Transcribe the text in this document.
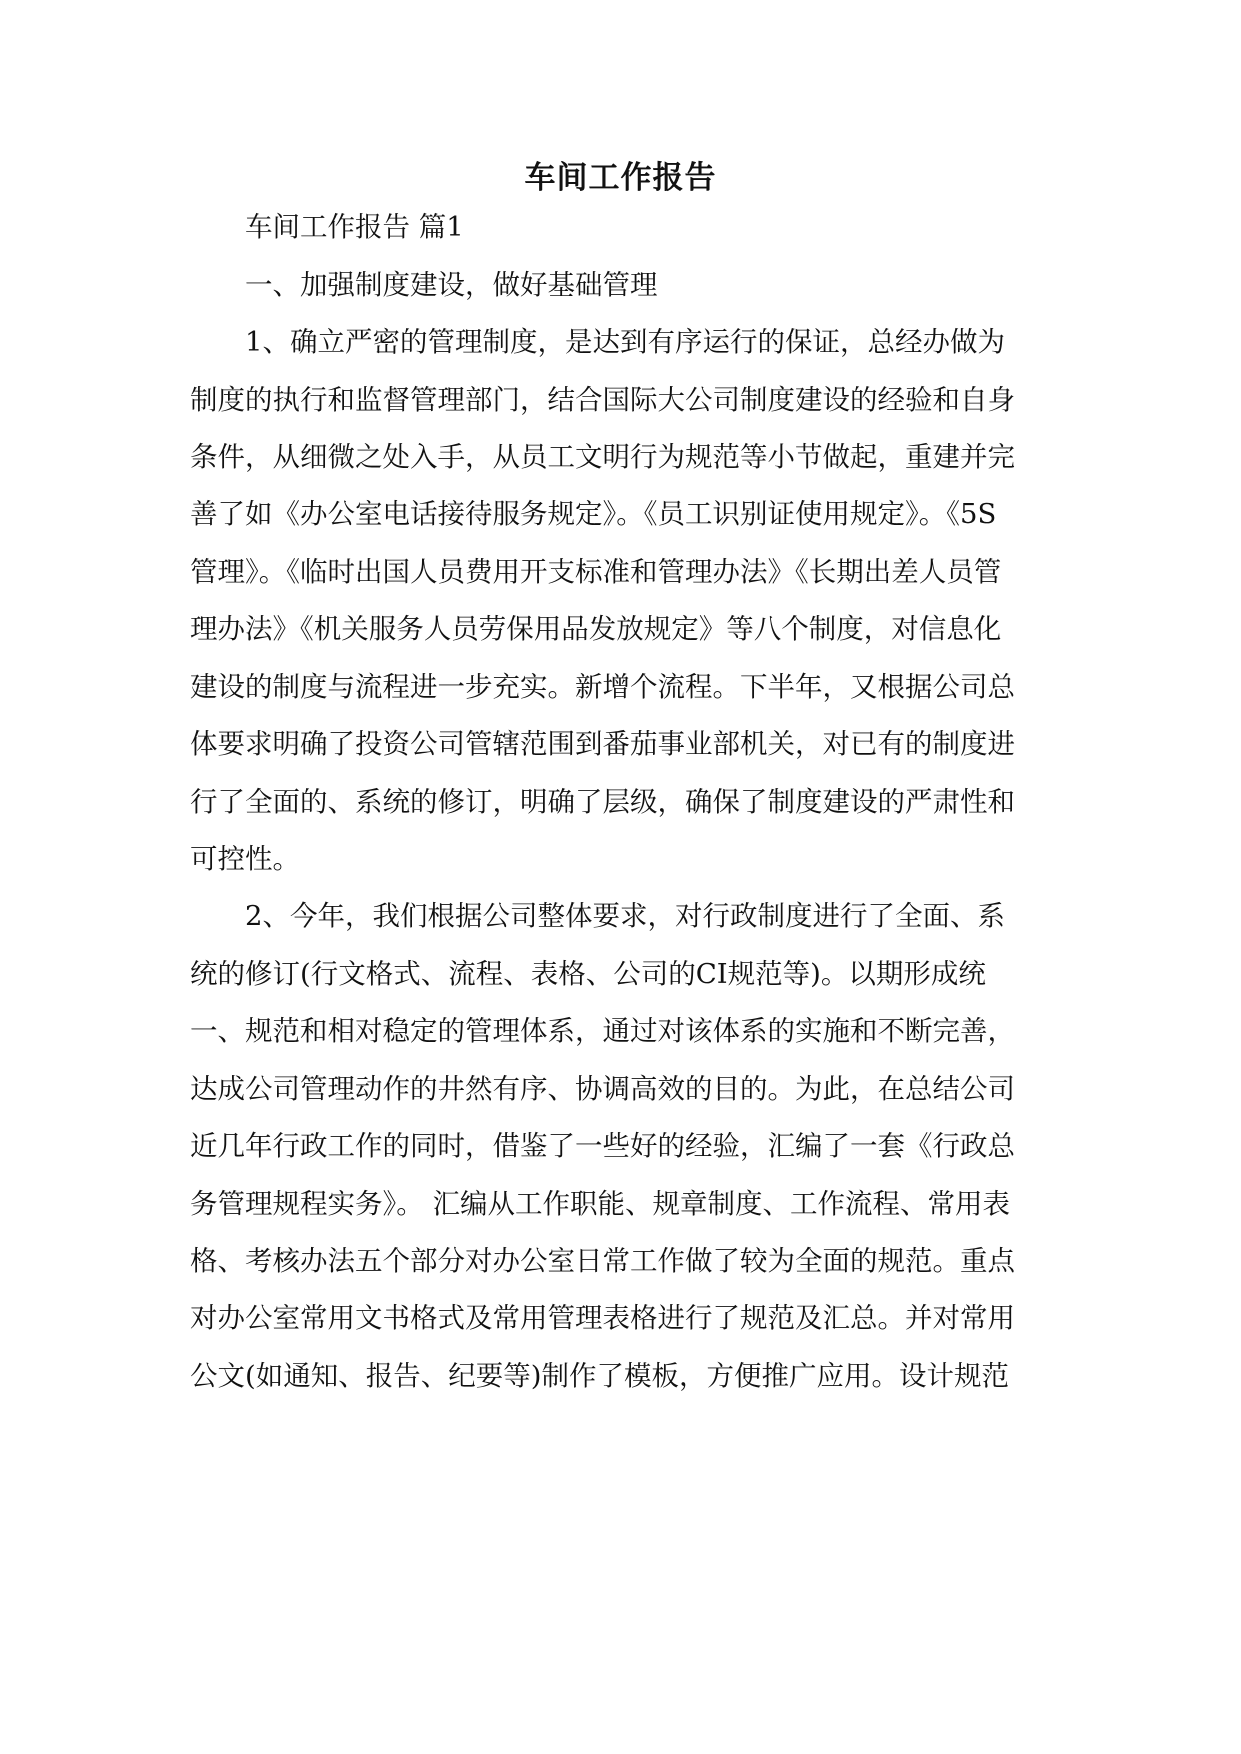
车间工作报告
车间工作报告 篇1
一、加强制度建设，做好基础管理
1、确立严密的管理制度，是达到有序运行的保证，总经办做为
制度的执行和监督管理部门，结合国际大公司制度建设的经验和自身
条件，从细微之处入手，从员工文明行为规范等小节做起，重建并完
善了如《办公室电话接待服务规定》。《员工识别证使用规定》。《5S
管理》。《临时出国人员费用开支标准和管理办法》《长期出差人员管
理办法》《机关服务人员劳保用品发放规定》等八个制度，对信息化
建设的制度与流程进一步充实。新增个流程。下半年，又根据公司总
体要求明确了投资公司管辖范围到番茄事业部机关，对已有的制度进
行了全面的、系统的修订，明确了层级，确保了制度建设的严肃性和
可控性。
2、今年，我们根据公司整体要求，对行政制度进行了全面、系
统的修订(行文格式、流程、表格、公司的CI规范等)。以期形成统
一、规范和相对稳定的管理体系，通过对该体系的实施和不断完善，
达成公司管理动作的井然有序、协调高效的目的。为此，在总结公司
近几年行政工作的同时，借鉴了一些好的经验，汇编了一套《行政总
务管理规程实务》。 汇编从工作职能、规章制度、工作流程、常用表
格、考核办法五个部分对办公室日常工作做了较为全面的规范。重点
对办公室常用文书格式及常用管理表格进行了规范及汇总。并对常用
公文(如通知、报告、纪要等)制作了模板，方便推广应用。设计规范
